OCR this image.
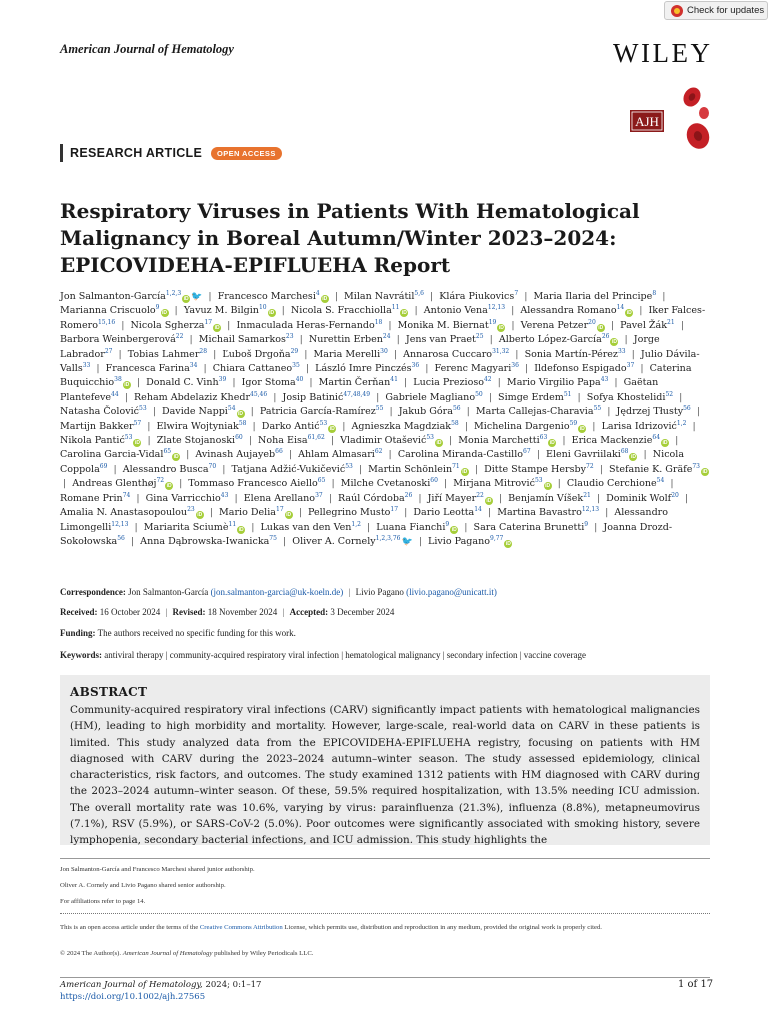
Check for updates
American Journal of Hematology	WILEY
AJH
RESEARCH ARTICLE	OPEN ACCESS
Respiratory Viruses in Patients With Hematological Malignancy in Boreal Autumn/Winter 2023–2024: EPICOVIDEHA-EPIFLUEHA Report
Jon Salmanton-García$^{1,2,3}$iD 🐦 | Francesco Marchesi$^4$iD | Milan Navrátil$^{5,6}$ | Klára Piukovics$^7$ | Maria Ilaria del Principe$^8$ | Marianna Criscuolo$^9$iD | Yavuz M. Bilgin$^{10}$iD | Nicola S. Fracchiolla$^{11}$iD | Antonio Vena$^{12,13}$ | Alessandra Romano$^{14}$iD | Iker Falces-Romero$^{15,16}$ | Nicola Sgherza$^{17}$iD | Inmaculada Heras-Fernando$^{18}$ | Monika M. Biernat$^{19}$iD | Verena Petzer$^{20}$iD | Pavel Žák$^{21}$ | Barbora Weinbergerová$^{22}$ | Michail Samarkos$^{23}$ | Nurettin Erben$^{24}$ | Jens van Praet$^{25}$ | Alberto López-García$^{26}$iD | Jorge Labrador$^{27}$ | Tobias Lahmer$^{28}$ | Ľuboš Drgoňa$^{29}$ | Maria Merelli$^{30}$ | Annarosa Cuccaro$^{31,32}$ | Sonia Martín-Pérez$^{33}$ | Julio Dávila-Valls$^{33}$ | Francesca Farina$^{34}$ | Chiara Cattaneo$^{35}$ | László Imre Pinczés$^{36}$ | Ferenc Magyari$^{36}$ | Ildefonso Espigado$^{37}$ | Caterina Buquicchio$^{38}$iD | Donald C. Vinh$^{39}$ | Igor Stoma$^{40}$ | Martin Čerňan$^{41}$ | Lucia Prezioso$^{42}$ | Mario Virgilio Papa$^{43}$ | Gaëtan Plantefeve$^{44}$ | Reham Abdelaziz Khedr$^{45,46}$ | Josip Batinić$^{47,48,49}$ | Gabriele Magliano$^{50}$ | Simge Erdem$^{51}$ | Sofya Khostelidi$^{52}$ | Natasha Čolović$^{53}$ | Davide Nappi$^{54}$iD | Patricia García-Ramírez$^{55}$ | Jakub Góra$^{56}$ | Marta Callejas-Charavia$^{55}$ | Jędrzej Tłusty$^{56}$ | Martijn Bakker$^{57}$ | Elwira Wojtyniak$^{58}$ | Darko Antić$^{53}$iD | Agnieszka Magdziak$^{58}$ | Michelina Dargenio$^{59}$iD | Larisa Idrizović$^{1,2}$ | Nikola Pantić$^{53}$iD | Zlate Stojanoski$^{60}$ | Noha Eisa$^{61,62}$ | Vladimir Otašević$^{53}$iD | Monia Marchetti$^{63}$iD | Erica Mackenzie$^{64}$iD | Carolina Garcia-Vidal$^{65}$iD | Avinash Aujayeb$^{66}$ | Ahlam Almasari$^{62}$ | Carolina Miranda-Castillo$^{67}$ | Eleni Gavriilaki$^{68}$iD | Nicola Coppola$^{69}$ | Alessandro Busca$^{70}$ | Tatjana Adžić-Vukičević$^{53}$ | Martin Schönlein$^{71}$iD | Ditte Stampe Hersby$^{72}$ | Stefanie K. Gräfe$^{73}$iD | Andreas Glenthøj$^{72}$iD | Tommaso Francesco Aiello$^{65}$ | Milche Cvetanoski$^{60}$ | Mirjana Mitrović$^{53}$iD | Claudio Cerchione$^{54}$ | Romane Prin$^{74}$ | Gina Varricchio$^{43}$ | Elena Arellano$^{37}$ | Raúl Córdoba$^{26}$ | Jiří Mayer$^{22}$iD | Benjamín Víšek$^{21}$ | Dominik Wolf$^{20}$ | Amalia N. Anastasopoulou$^{23}$iD | Mario Delia$^{17}$iD | Pellegrino Musto$^{17}$ | Dario Leotta$^{14}$ | Martina Bavastro$^{12,13}$ | Alessandro Limongelli$^{12,13}$ | Mariarita Sciumè$^{11}$iD | Lukas van den Ven$^{1,2}$ | Luana Fianchi$^9$iD | Sara Caterina Brunetti$^9$ | Joanna Drozd-Sokołowska$^{56}$ | Anna Dąbrowska-Iwanicka$^{75}$ | Oliver A. Cornely$^{1,2,3,76}$🐦 | Livio Pagano$^{9,77}$iD
Correspondence: Jon Salmanton-García (jon.salmanton-garcia@uk-koeln.de) | Livio Pagano (livio.pagano@unicatt.it)
Received: 16 October 2024 | Revised: 18 November 2024 | Accepted: 3 December 2024
Funding: The authors received no specific funding for this work.
Keywords: antiviral therapy | community-acquired respiratory viral infection | hematological malignancy | secondary infection | vaccine coverage
ABSTRACT
Community-acquired respiratory viral infections (CARV) significantly impact patients with hematological malignancies (HM), leading to high morbidity and mortality. However, large-scale, real-world data on CARV in these patients is limited. This study analyzed data from the EPICOVIDEHA-EPIFLUEHA registry, focusing on patients with HM diagnosed with CARV during the 2023–2024 autumn–winter season. The study assessed epidemiology, clinical characteristics, risk factors, and outcomes. The study examined 1312 patients with HM diagnosed with CARV during the 2023–2024 autumn–winter season. Of these, 59.5% required hospitalization, with 13.5% needing ICU admission. The overall mortality rate was 10.6%, varying by virus: parainfluenza (21.3%), influenza (8.8%), metapneumovirus (7.1%), RSV (5.9%), or SARS-CoV-2 (5.0%). Poor outcomes were significantly associated with smoking history, severe lymphopenia, secondary bacterial infections, and ICU admission. This study highlights the
Jon Salmanton-García and Francesco Marchesi shared junior authorship.
Oliver A. Cornely and Livio Pagano shared senior authorship.
For affiliations refer to page 14.
This is an open access article under the terms of the Creative Commons Attribution License, which permits use, distribution and reproduction in any medium, provided the original work is properly cited.
© 2024 The Author(s). American Journal of Hematology published by Wiley Periodicals LLC.
American Journal of Hematology, 2024; 0:1–17
https://doi.org/10.1002/ajh.27565
1 of 17
